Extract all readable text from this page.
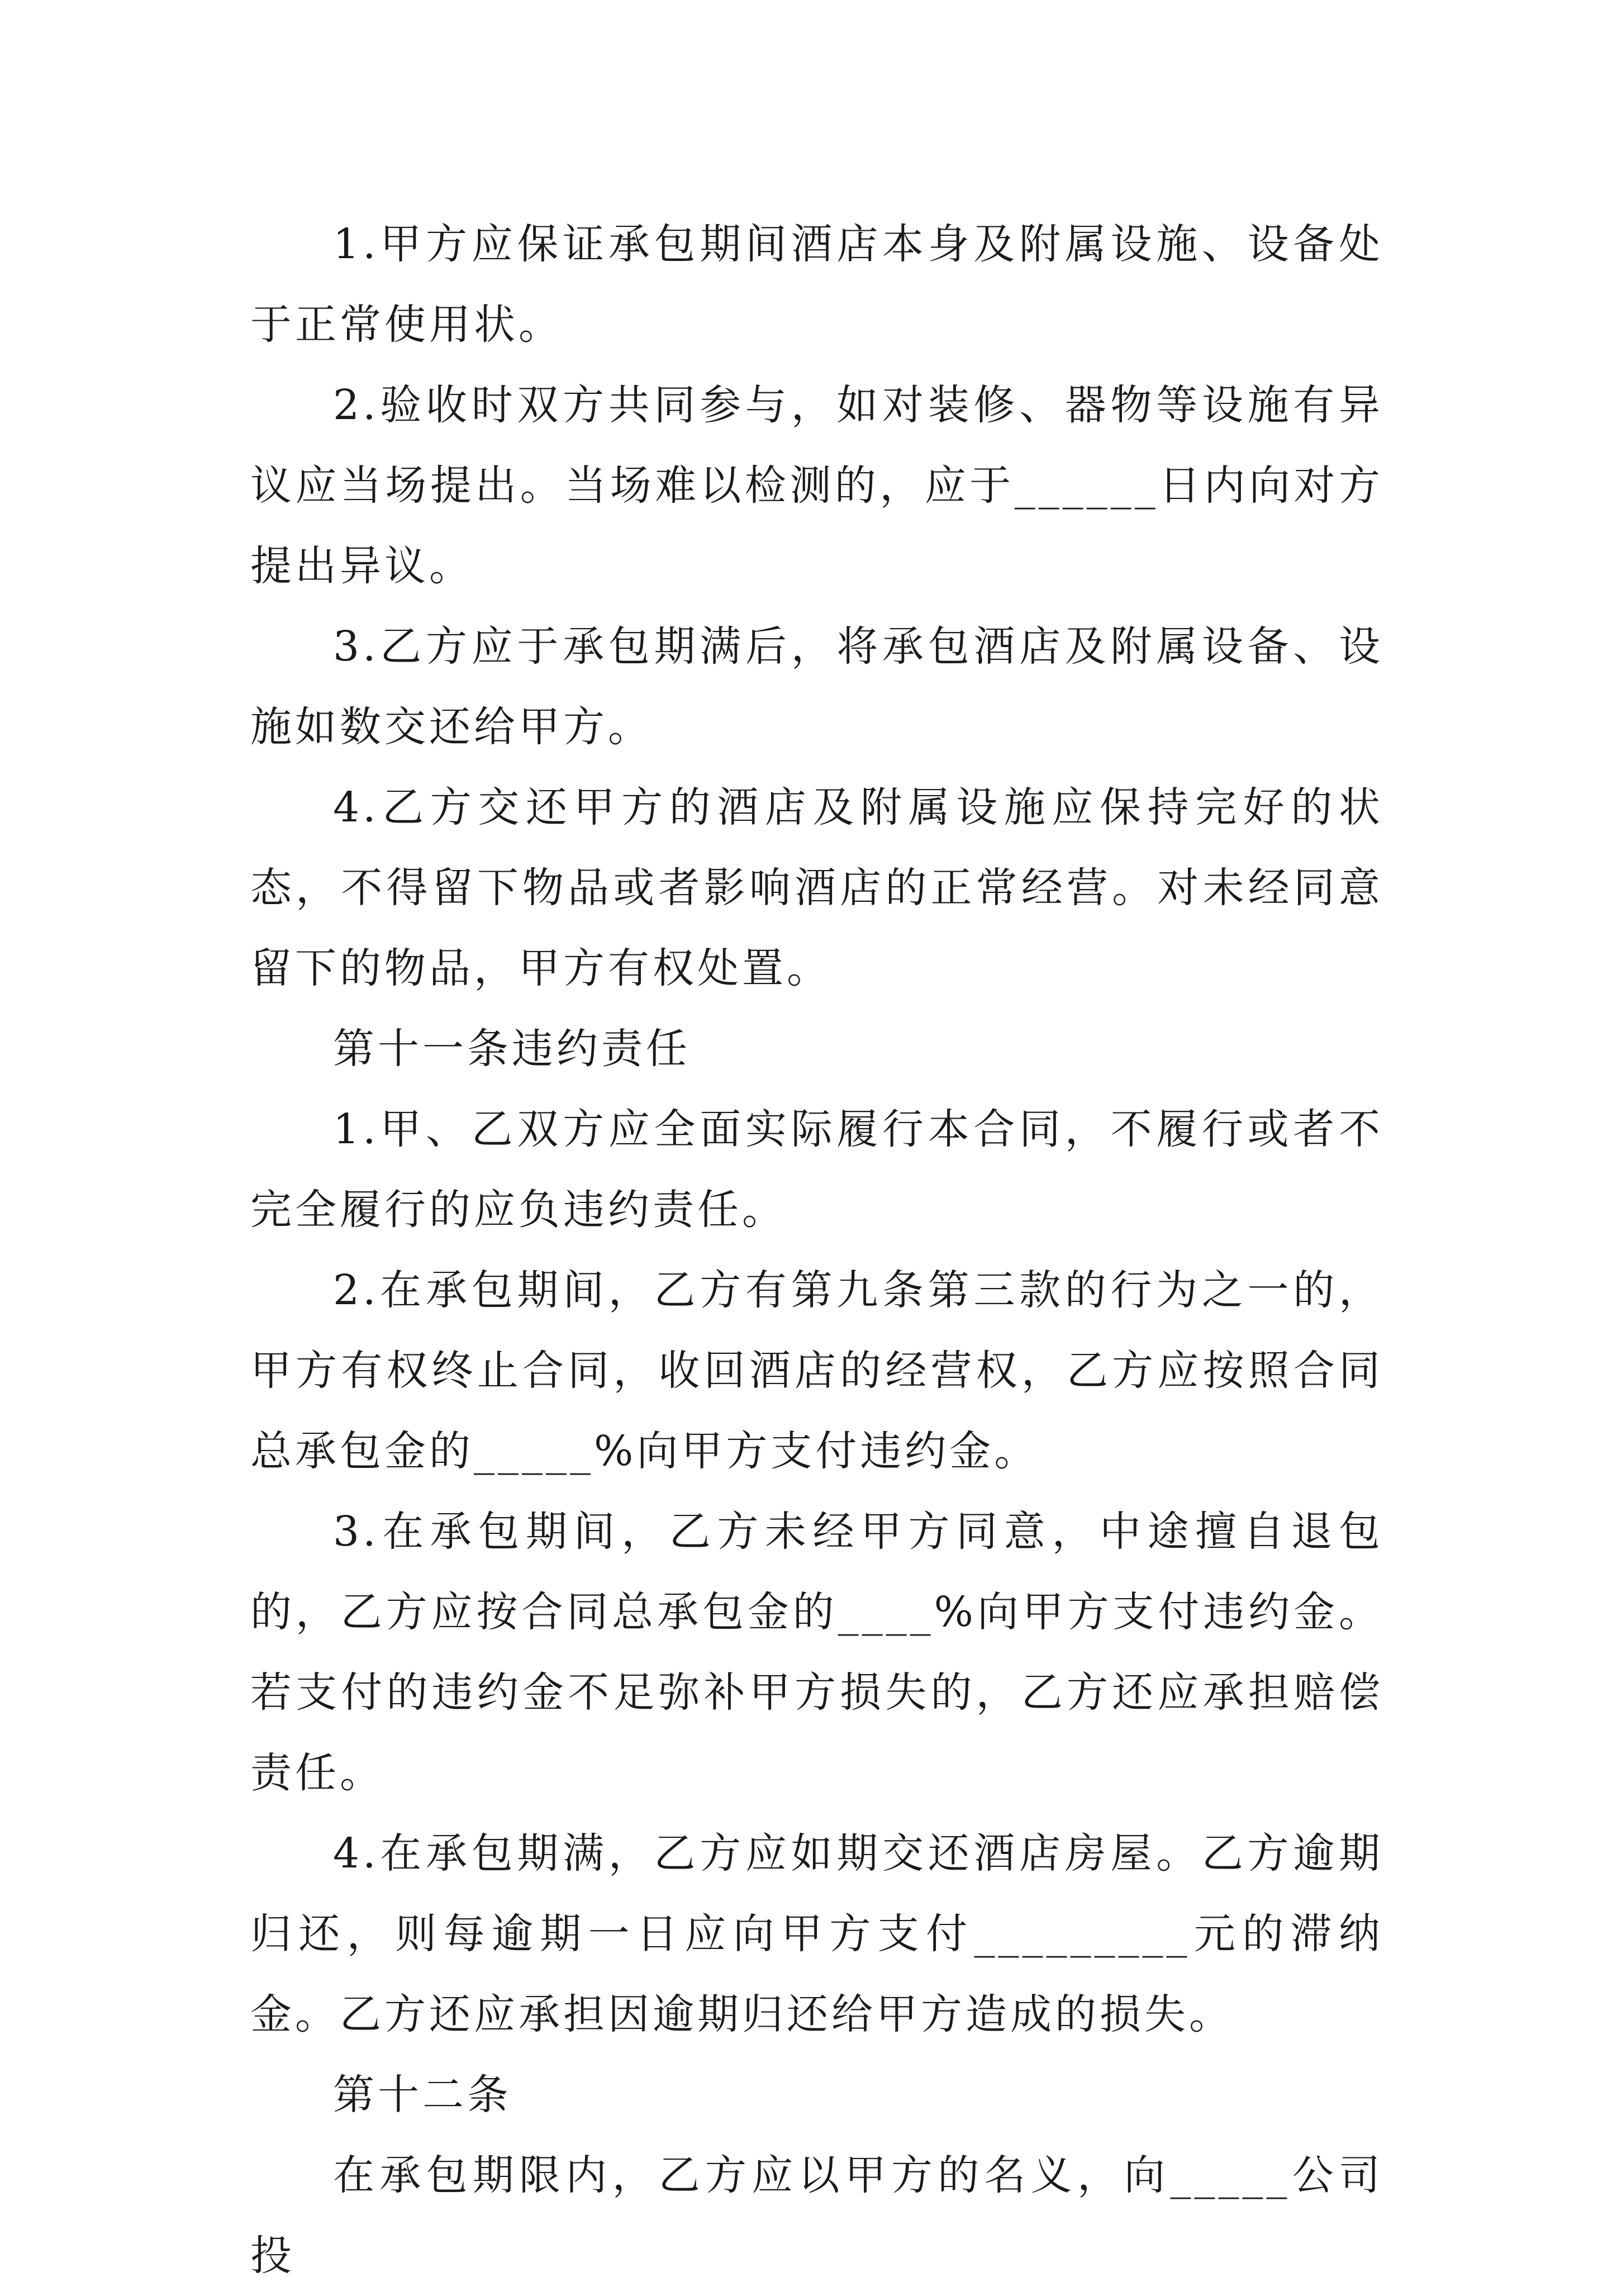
1.甲方应保证承包期间酒店本身及附属设施、设备处于正常使用状。

2.验收时双方共同参与，如对装修、器物等设施有异议应当场提出。当场难以检测的，应于______日内向对方提出异议。

3.乙方应于承包期满后，将承包酒店及附属设备、设施如数交还给甲方。

4.乙方交还甲方的酒店及附属设施应保持完好的状态，不得留下物品或者影响酒店的正常经营。对未经同意留下的物品，甲方有权处置。

第十一条违约责任

1.甲、乙双方应全面实际履行本合同，不履行或者不完全履行的应负违约责任。

2.在承包期间，乙方有第九条第三款的行为之一的，甲方有权终止合同，收回酒店的经营权，乙方应按照合同总承包金的_____%向甲方支付违约金。

3.在承包期间，乙方未经甲方同意，中途擅自退包的，乙方应按合同总承包金的____%向甲方支付违约金。若支付的违约金不足弥补甲方损失的，乙方还应承担赔偿责任。

4.在承包期满，乙方应如期交还酒店房屋。乙方逾期归还，则每逾期一日应向甲方支付_________元的滞纳金。乙方还应承担因逾期归还给甲方造成的损失。

第十二条

在承包期限内，乙方应以甲方的名义，向_____公司投
